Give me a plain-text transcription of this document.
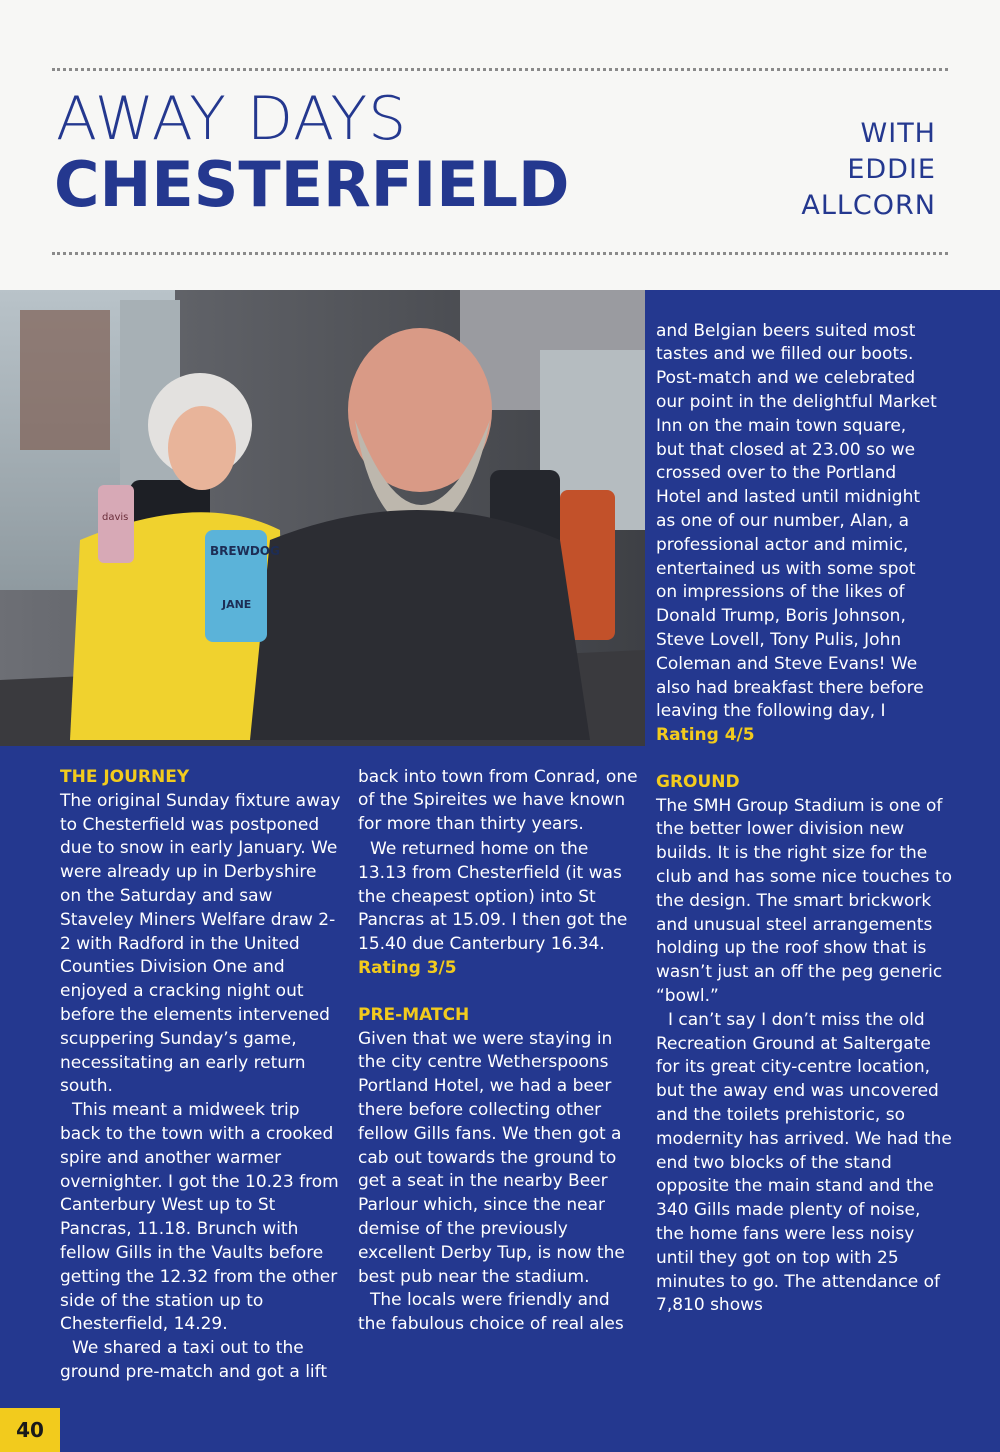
AWAY DAYS
CHESTERFIELD
WITH
EDDIE
ALLCORN
davis
BREWDOG
JANE

THE JOURNEY

The original Sunday fixture away to Chesterfield was postponed due to snow in early January. We were already up in Derbyshire on the Saturday and saw Staveley Miners Welfare draw 2-2 with Radford in the United Counties Division One and enjoyed a cracking night out before the elements intervened scuppering Sunday’s game, necessitating an early return south.

This meant a midweek trip back to the town with a crooked spire and another warmer overnighter. I got the 10.23 from Canterbury West up to St Pancras, 11.18. Brunch with fellow Gills in the Vaults before getting the 12.32 from the other side of the station up to Chesterfield, 14.29.

We shared a taxi out to the ground pre-match and got a lift

back into town from Conrad, one of the Spireites we have known for more than thirty years.

We returned home on the 13.13 from Chesterfield (it was the cheapest option) into St Pancras at 15.09. I then got the 15.40 due Canterbury 16.34.

Rating 3/5

PRE-MATCH

Given that we were staying in the city centre Wetherspoons Portland Hotel, we had a beer there before collecting other fellow Gills fans. We then got a cab out towards the ground to get a seat in the nearby Beer Parlour which, since the near demise of the previously excellent Derby Tup, is now the best pub near the stadium.

The locals were friendly and the fabulous choice of real ales

and Belgian beers suited most tastes and we filled our boots. Post-match and we celebrated our point in the delightful Market Inn on the main town square, but that closed at 23.00 so we crossed over to the Portland Hotel and lasted until midnight as one of our number, Alan, a professional actor and mimic, entertained us with some spot on impressions of the likes of Donald Trump, Boris Johnson, Steve Lovell, Tony Pulis, John Coleman and Steve Evans! We also had breakfast there before leaving the following day, I

Rating 4/5

GROUND

The SMH Group Stadium is one of the better lower division new builds. It is the right size for the club and has some nice touches to the design. The smart brickwork and unusual steel arrangements holding up the roof show that is wasn’t just an off the peg generic “bowl.”

I can’t say I don’t miss the old Recreation Ground at Saltergate for its great city-centre location, but the away end was uncovered and the toilets prehistoric, so modernity has arrived. We had the end two blocks of the stand opposite the main stand and the 340 Gills made plenty of noise, the home fans were less noisy until they got on top with 25 minutes to go. The attendance of 7,810 shows

40
